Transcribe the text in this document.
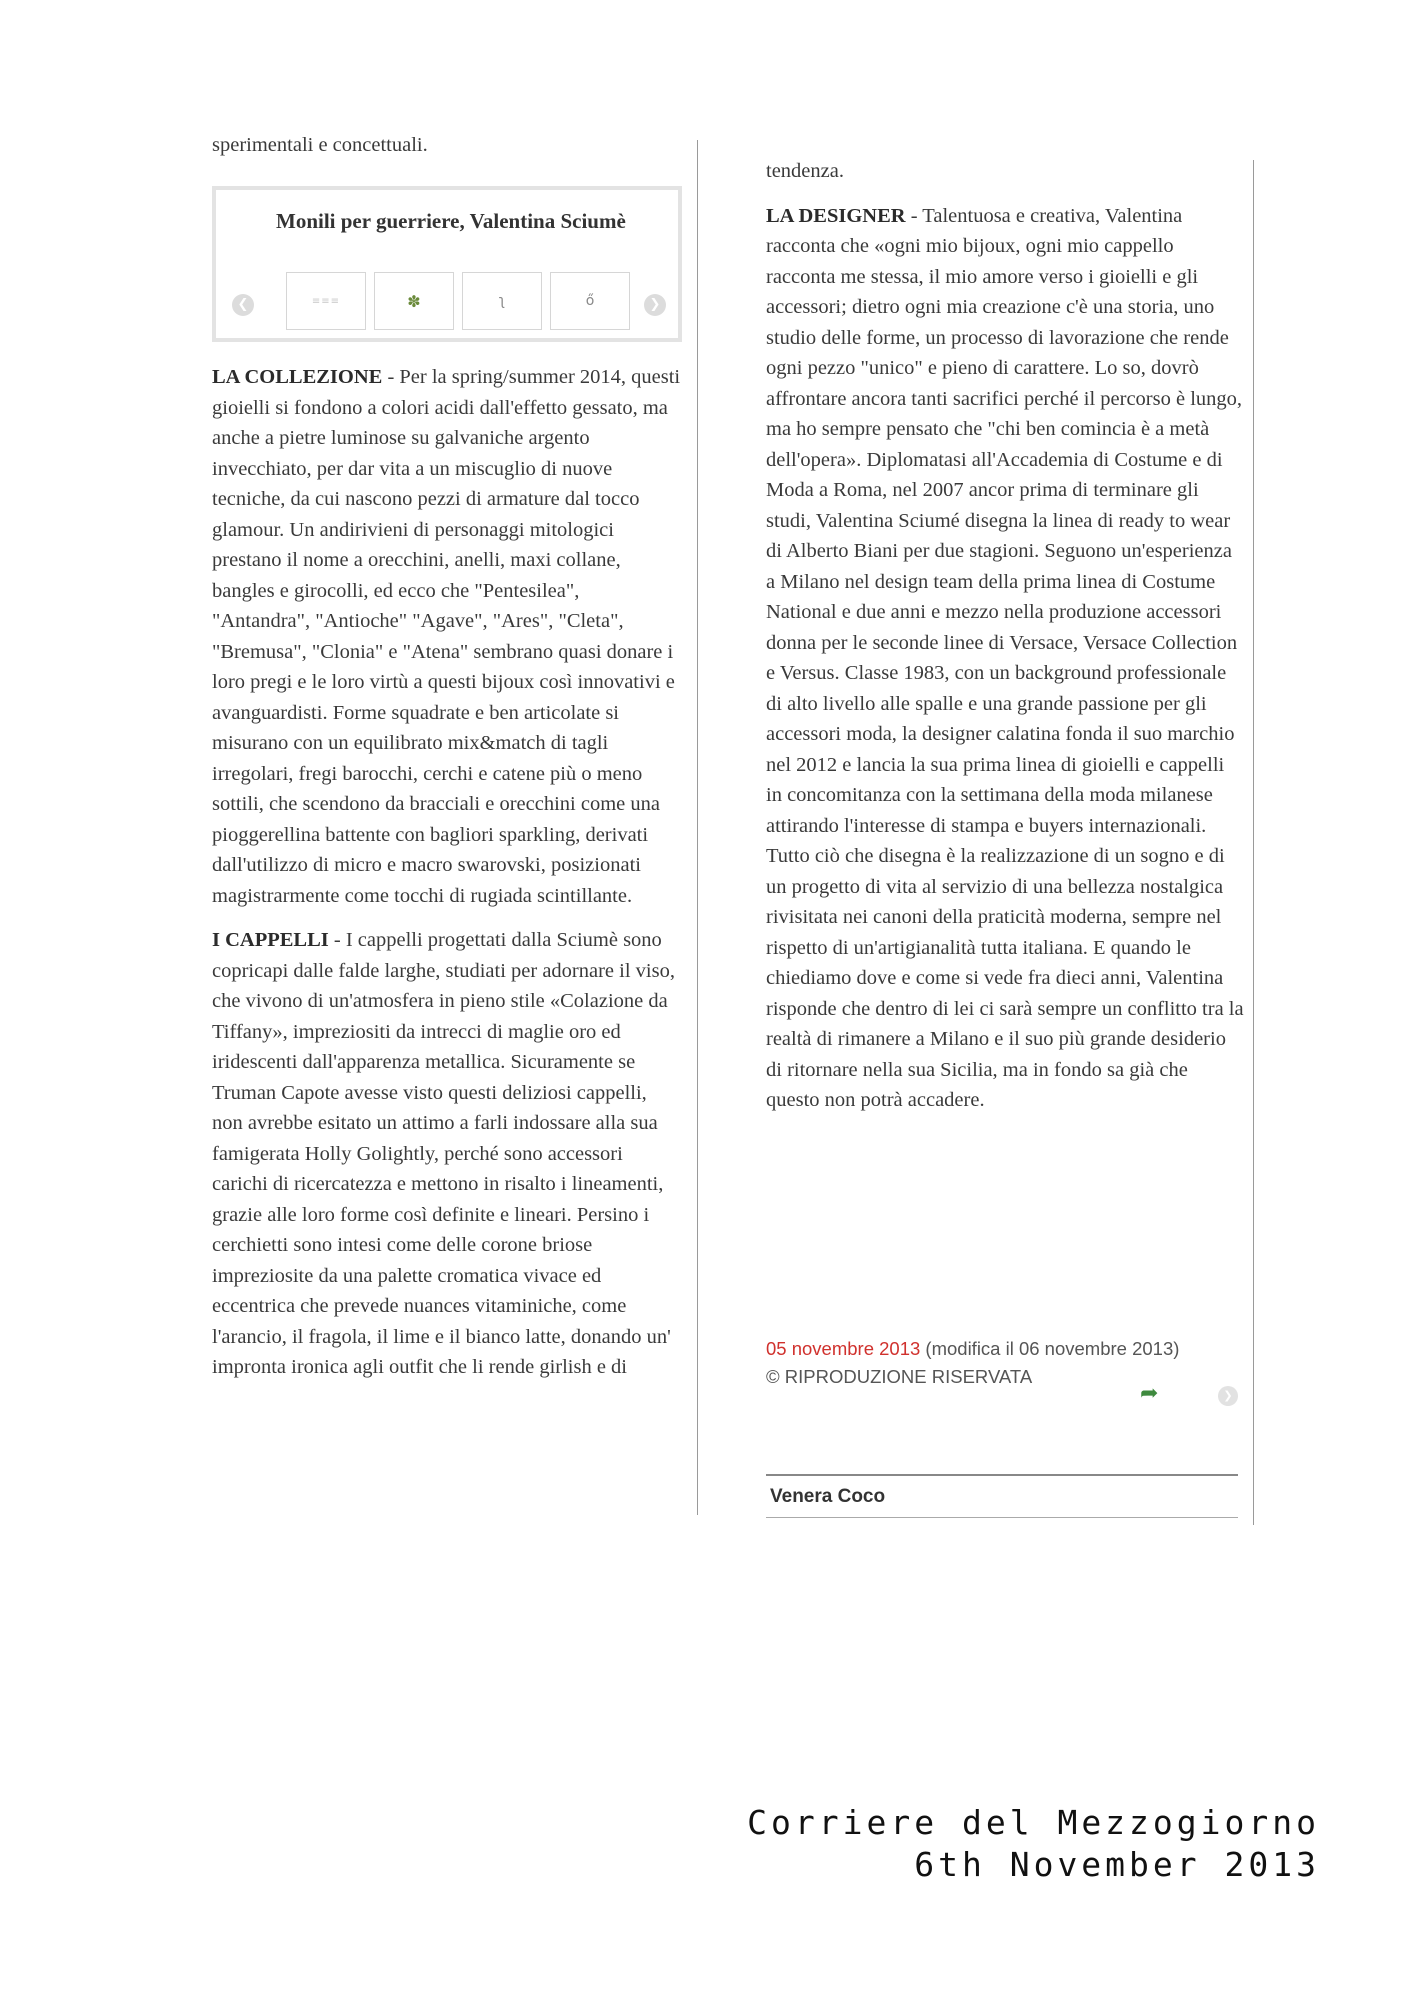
sperimentali e concettuali.

Monili per guerriere, Valentina Sciumè
❮	≡≡≡	✽	ʅ	ő	❯

LA COLLEZIONE - Per la spring/summer 2014, questi gioielli si fondono a colori acidi dall'effetto gessato, ma anche a pietre luminose su galvaniche argento invecchiato, per dar vita a un miscuglio di nuove tecniche, da cui nascono pezzi di armature dal tocco glamour. Un andirivieni di personaggi mitologici prestano il nome a orecchini, anelli, maxi collane, bangles e girocolli, ed ecco che "Pentesilea", "Antandra", "Antioche" "Agave", "Ares", "Cleta", "Bremusa", "Clonia" e "Atena" sembrano quasi donare i loro pregi e le loro virtù a questi bijoux così innovativi e avanguardisti. Forme squadrate e ben articolate si misurano con un equilibrato mix&match di tagli irregolari, fregi barocchi, cerchi e catene più o meno sottili, che scendono da bracciali e orecchini come una pioggerellina battente con bagliori sparkling, derivati dall'utilizzo di micro e macro swarovski, posizionati magistrarmente come tocchi di rugiada scintillante.

I CAPPELLI - I cappelli progettati dalla Sciumè sono copricapi dalle falde larghe, studiati per adornare il viso, che vivono di un'atmosfera in pieno stile «Colazione da Tiffany», impreziositi da intrecci di maglie oro ed iridescenti dall'apparenza metallica. Sicuramente se Truman Capote avesse visto questi deliziosi cappelli, non avrebbe esitato un attimo a farli indossare alla sua famigerata Holly Golightly, perché sono accessori carichi di ricercatezza e mettono in risalto i lineamenti, grazie alle loro forme così definite e lineari. Persino i cerchietti sono intesi come delle corone briose impreziosite da una palette cromatica vivace ed eccentrica che prevede nuances vitaminiche, come l'arancio, il fragola, il lime e il bianco latte, donando un' impronta ironica agli outfit che li rende girlish e di

tendenza.

LA DESIGNER - Talentuosa e creativa, Valentina racconta che «ogni mio bijoux, ogni mio cappello racconta me stessa, il mio amore verso i gioielli e gli accessori; dietro ogni mia creazione c'è una storia, uno studio delle forme, un processo di lavorazione che rende ogni pezzo "unico" e pieno di carattere. Lo so, dovrò affrontare ancora tanti sacrifici perché il percorso è lungo, ma ho sempre pensato che "chi ben comincia è a metà dell'opera». Diplomatasi all'Accademia di Costume e di Moda a Roma, nel 2007 ancor prima di terminare gli studi, Valentina Sciumé disegna la linea di ready to wear di Alberto Biani per due stagioni. Seguono un'esperienza a Milano nel design team della prima linea di Costume National e due anni e mezzo nella produzione accessori donna per le seconde linee di Versace, Versace Collection e Versus. Classe 1983, con un background professionale di alto livello alle spalle e una grande passione per gli accessori moda, la designer calatina fonda il suo marchio nel 2012 e lancia la sua prima linea di gioielli e cappelli in concomitanza con la settimana della moda milanese attirando l'interesse di stampa e buyers internazionali. Tutto ciò che disegna è la realizzazione di un sogno e di un progetto di vita al servizio di una bellezza nostalgica rivisitata nei canoni della praticità moderna, sempre nel rispetto di un'artigianalità tutta italiana. E quando le chiediamo dove e come si vede fra dieci anni, Valentina risponde che dentro di lei ci sarà sempre un conflitto tra la realtà di rimanere a Milano e il suo più grande desiderio di ritornare nella sua Sicilia, ma in fondo sa già che questo non potrà accadere.

05 novembre 2013 (modifica il 06 novembre 2013)
© RIPRODUZIONE RISERVATA
➦	❯
Venera Coco
Corriere del Mezzogiorno
6th November 2013
